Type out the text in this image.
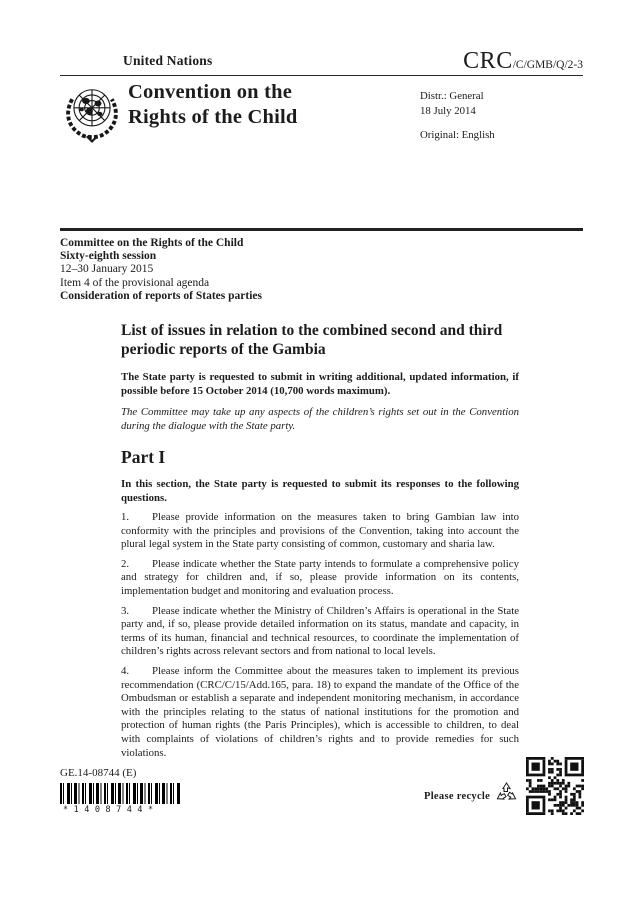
United Nations	CRC/C/GMB/Q/2-3
Convention on the
Rights of the Child
Distr.: General
18 July 2014
Original: English
Committee on the Rights of the Child
Sixty-eighth session
12–30 January 2015
Item 4 of the provisional agenda
Consideration of reports of States parties
List of issues in relation to the combined second and third periodic reports of the Gambia

The State party is requested to submit in writing additional, updated information, if possible before 15 October 2014 (10,700 words maximum).

The Committee may take up any aspects of the children’s rights set out in the Convention during the dialogue with the State party.

Part I

In this section, the State party is requested to submit its responses to the following questions.

1. Please provide information on the measures taken to bring Gambian law into conformity with the principles and provisions of the Convention, taking into account the plural legal system in the State party consisting of common, customary and sharia law.

2. Please indicate whether the State party intends to formulate a comprehensive policy and strategy for children and, if so, please provide information on its contents, implementation budget and monitoring and evaluation process.

3. Please indicate whether the Ministry of Children’s Affairs is operational in the State party and, if so, please provide detailed information on its status, mandate and capacity, in terms of its human, financial and technical resources, to coordinate the implementation of children’s rights across relevant sectors and from national to local levels.

4. Please inform the Committee about the measures taken to implement its previous recommendation (CRC/C/15/Add.165, para. 18) to expand the mandate of the Office of the Ombudsman or establish a separate and independent monitoring mechanism, in accordance with the principles relating to the status of national institutions for the promotion and protection of human rights (the Paris Principles), which is accessible to children, to deal with complaints of violations of children’s rights and to provide remedies for such violations.

GE.14-08744 (E)
*1408744*
Please recycle
